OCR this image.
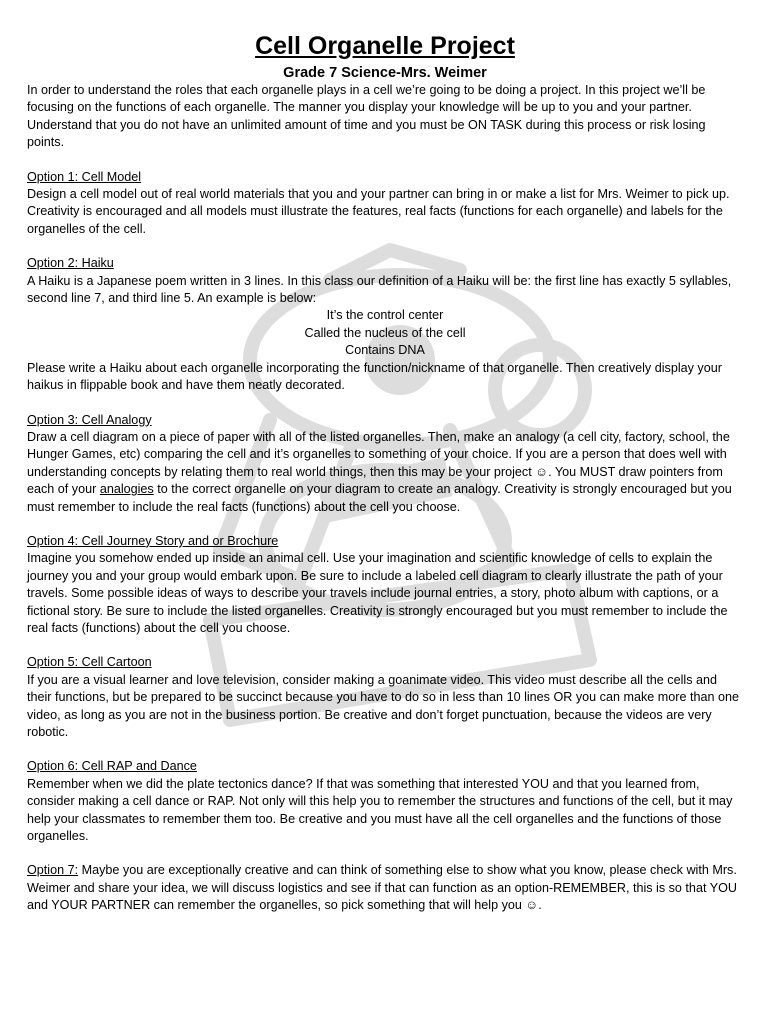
Cell Organelle Project
Grade 7 Science-Mrs. Weimer

In order to understand the roles that each organelle plays in a cell we’re going to be doing a project. In this project we’ll be focusing on the functions of each organelle. The manner you display your knowledge will be up to you and your partner. Understand that you do not have an unlimited amount of time and you must be ON TASK during this process or risk losing points.

Option 1: Cell Model

Design a cell model out of real world materials that you and your partner can bring in or make a list for Mrs. Weimer to pick up. Creativity is encouraged and all models must illustrate the features, real facts (functions for each organelle) and labels for the organelles of the cell.

Option 2: Haiku

A Haiku is a Japanese poem written in 3 lines. In this class our definition of a Haiku will be: the first line has exactly 5 syllables, second line 7, and third line 5. An example is below:

It’s the control center

Called the nucleus of the cell

Contains DNA

Please write a Haiku about each organelle incorporating the function/nickname of that organelle. Then creatively display your haikus in flippable book and have them neatly decorated.

Option 3: Cell Analogy

Draw a cell diagram on a piece of paper with all of the listed organelles. Then, make an analogy (a cell city, factory, school, the Hunger Games, etc) comparing the cell and it’s organelles to something of your choice. If you are a person that does well with understanding concepts by relating them to real world things, then this may be your project ☺. You MUST draw pointers from each of your analogies to the correct organelle on your diagram to create an analogy. Creativity is strongly encouraged but you must remember to include the real facts (functions) about the cell you choose.

Option 4: Cell Journey Story and or Brochure

Imagine you somehow ended up inside an animal cell. Use your imagination and scientific knowledge of cells to explain the journey you and your group would embark upon. Be sure to include a labeled cell diagram to clearly illustrate the path of your travels. Some possible ideas of ways to describe your travels include journal entries, a story, photo album with captions, or a fictional story. Be sure to include the listed organelles. Creativity is strongly encouraged but you must remember to include the real facts (functions) about the cell you choose.

Option 5: Cell Cartoon

If you are a visual learner and love television, consider making a goanimate video. This video must describe all the cells and their functions, but be prepared to be succinct because you have to do so in less than 10 lines OR you can make more than one video, as long as you are not in the business portion. Be creative and don’t forget punctuation, because the videos are very robotic.

Option 6: Cell RAP and Dance

Remember when we did the plate tectonics dance? If that was something that interested YOU and that you learned from, consider making a cell dance or RAP. Not only will this help you to remember the structures and functions of the cell, but it may help your classmates to remember them too. Be creative and you must have all the cell organelles and the functions of those organelles.

Option 7: Maybe you are exceptionally creative and can think of something else to show what you know, please check with Mrs. Weimer and share your idea, we will discuss logistics and see if that can function as an option-REMEMBER, this is so that YOU and YOUR PARTNER can remember the organelles, so pick something that will help you ☺.
